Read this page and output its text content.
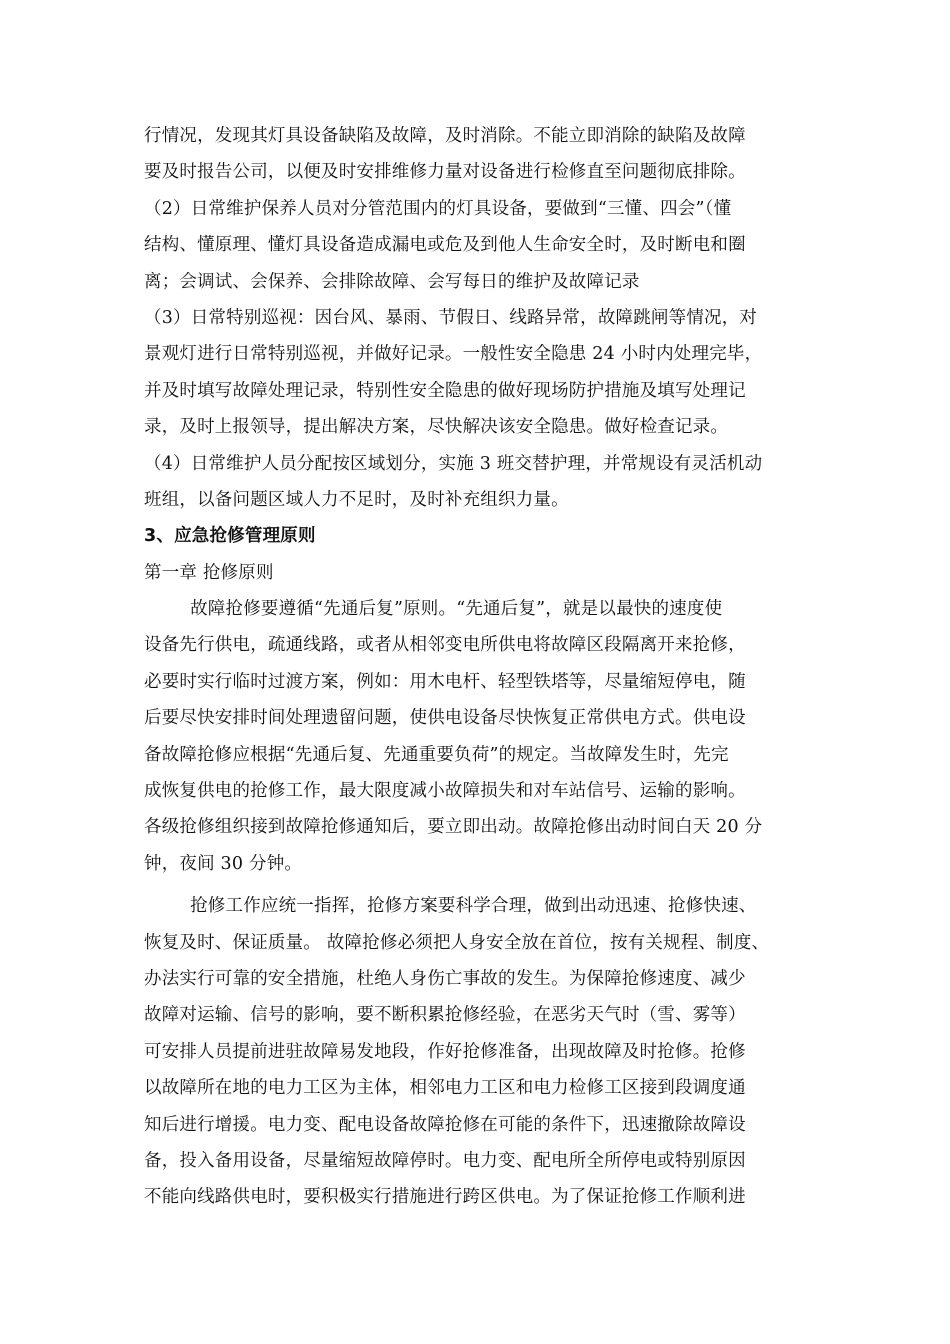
行情况，发现其灯具设备缺陷及故障，及时消除。不能立即消除的缺陷及故障
要及时报告公司，以便及时安排维修力量对设备进行检修直至问题彻底排除。
（2）日常维护保养人员对分管范围内的灯具设备，要做到“三懂、四会”（懂
结构、懂原理、懂灯具设备造成漏电或危及到他人生命安全时，及时断电和圈
离；会调试、会保养、会排除故障、会写每日的维护及故障记录
（3）日常特别巡视：因台风、暴雨、节假日、线路异常，故障跳闸等情况，对
景观灯进行日常特别巡视，并做好记录。一般性安全隐患 24 小时内处理完毕，
并及时填写故障处理记录，特别性安全隐患的做好现场防护措施及填写处理记
录，及时上报领导，提出解决方案，尽快解决该安全隐患。做好检查记录。
（4）日常维护人员分配按区域划分，实施 3 班交替护理，并常规设有灵活机动
班组，以备问题区域人力不足时，及时补充组织力量。
3、应急抢修管理原则
第一章 抢修原则
故障抢修要遵循“先通后复”原则。“先通后复”，就是以最快的速度使
设备先行供电，疏通线路，或者从相邻变电所供电将故障区段隔离开来抢修，
必要时实行临时过渡方案，例如：用木电杆、轻型铁塔等，尽量缩短停电，随
后要尽快安排时间处理遗留问题，使供电设备尽快恢复正常供电方式。供电设
备故障抢修应根据“先通后复、先通重要负荷”的规定。当故障发生时，先完
成恢复供电的抢修工作，最大限度减小故障损失和对车站信号、运输的影响。
各级抢修组织接到故障抢修通知后，要立即出动。故障抢修出动时间白天 20 分
钟，夜间 30 分钟。
抢修工作应统一指挥，抢修方案要科学合理，做到出动迅速、抢修快速、
恢复及时、保证质量。 故障抢修必须把人身安全放在首位，按有关规程、制度、
办法实行可靠的安全措施，杜绝人身伤亡事故的发生。为保障抢修速度、减少
故障对运输、信号的影响，要不断积累抢修经验，在恶劣天气时（雪、雾等）
可安排人员提前进驻故障易发地段，作好抢修准备，出现故障及时抢修。抢修
以故障所在地的电力工区为主体，相邻电力工区和电力检修工区接到段调度通
知后进行增援。电力变、配电设备故障抢修在可能的条件下，迅速撤除故障设
备，投入备用设备，尽量缩短故障停时。电力变、配电所全所停电或特别原因
不能向线路供电时，要积极实行措施进行跨区供电。为了保证抢修工作顺利进
